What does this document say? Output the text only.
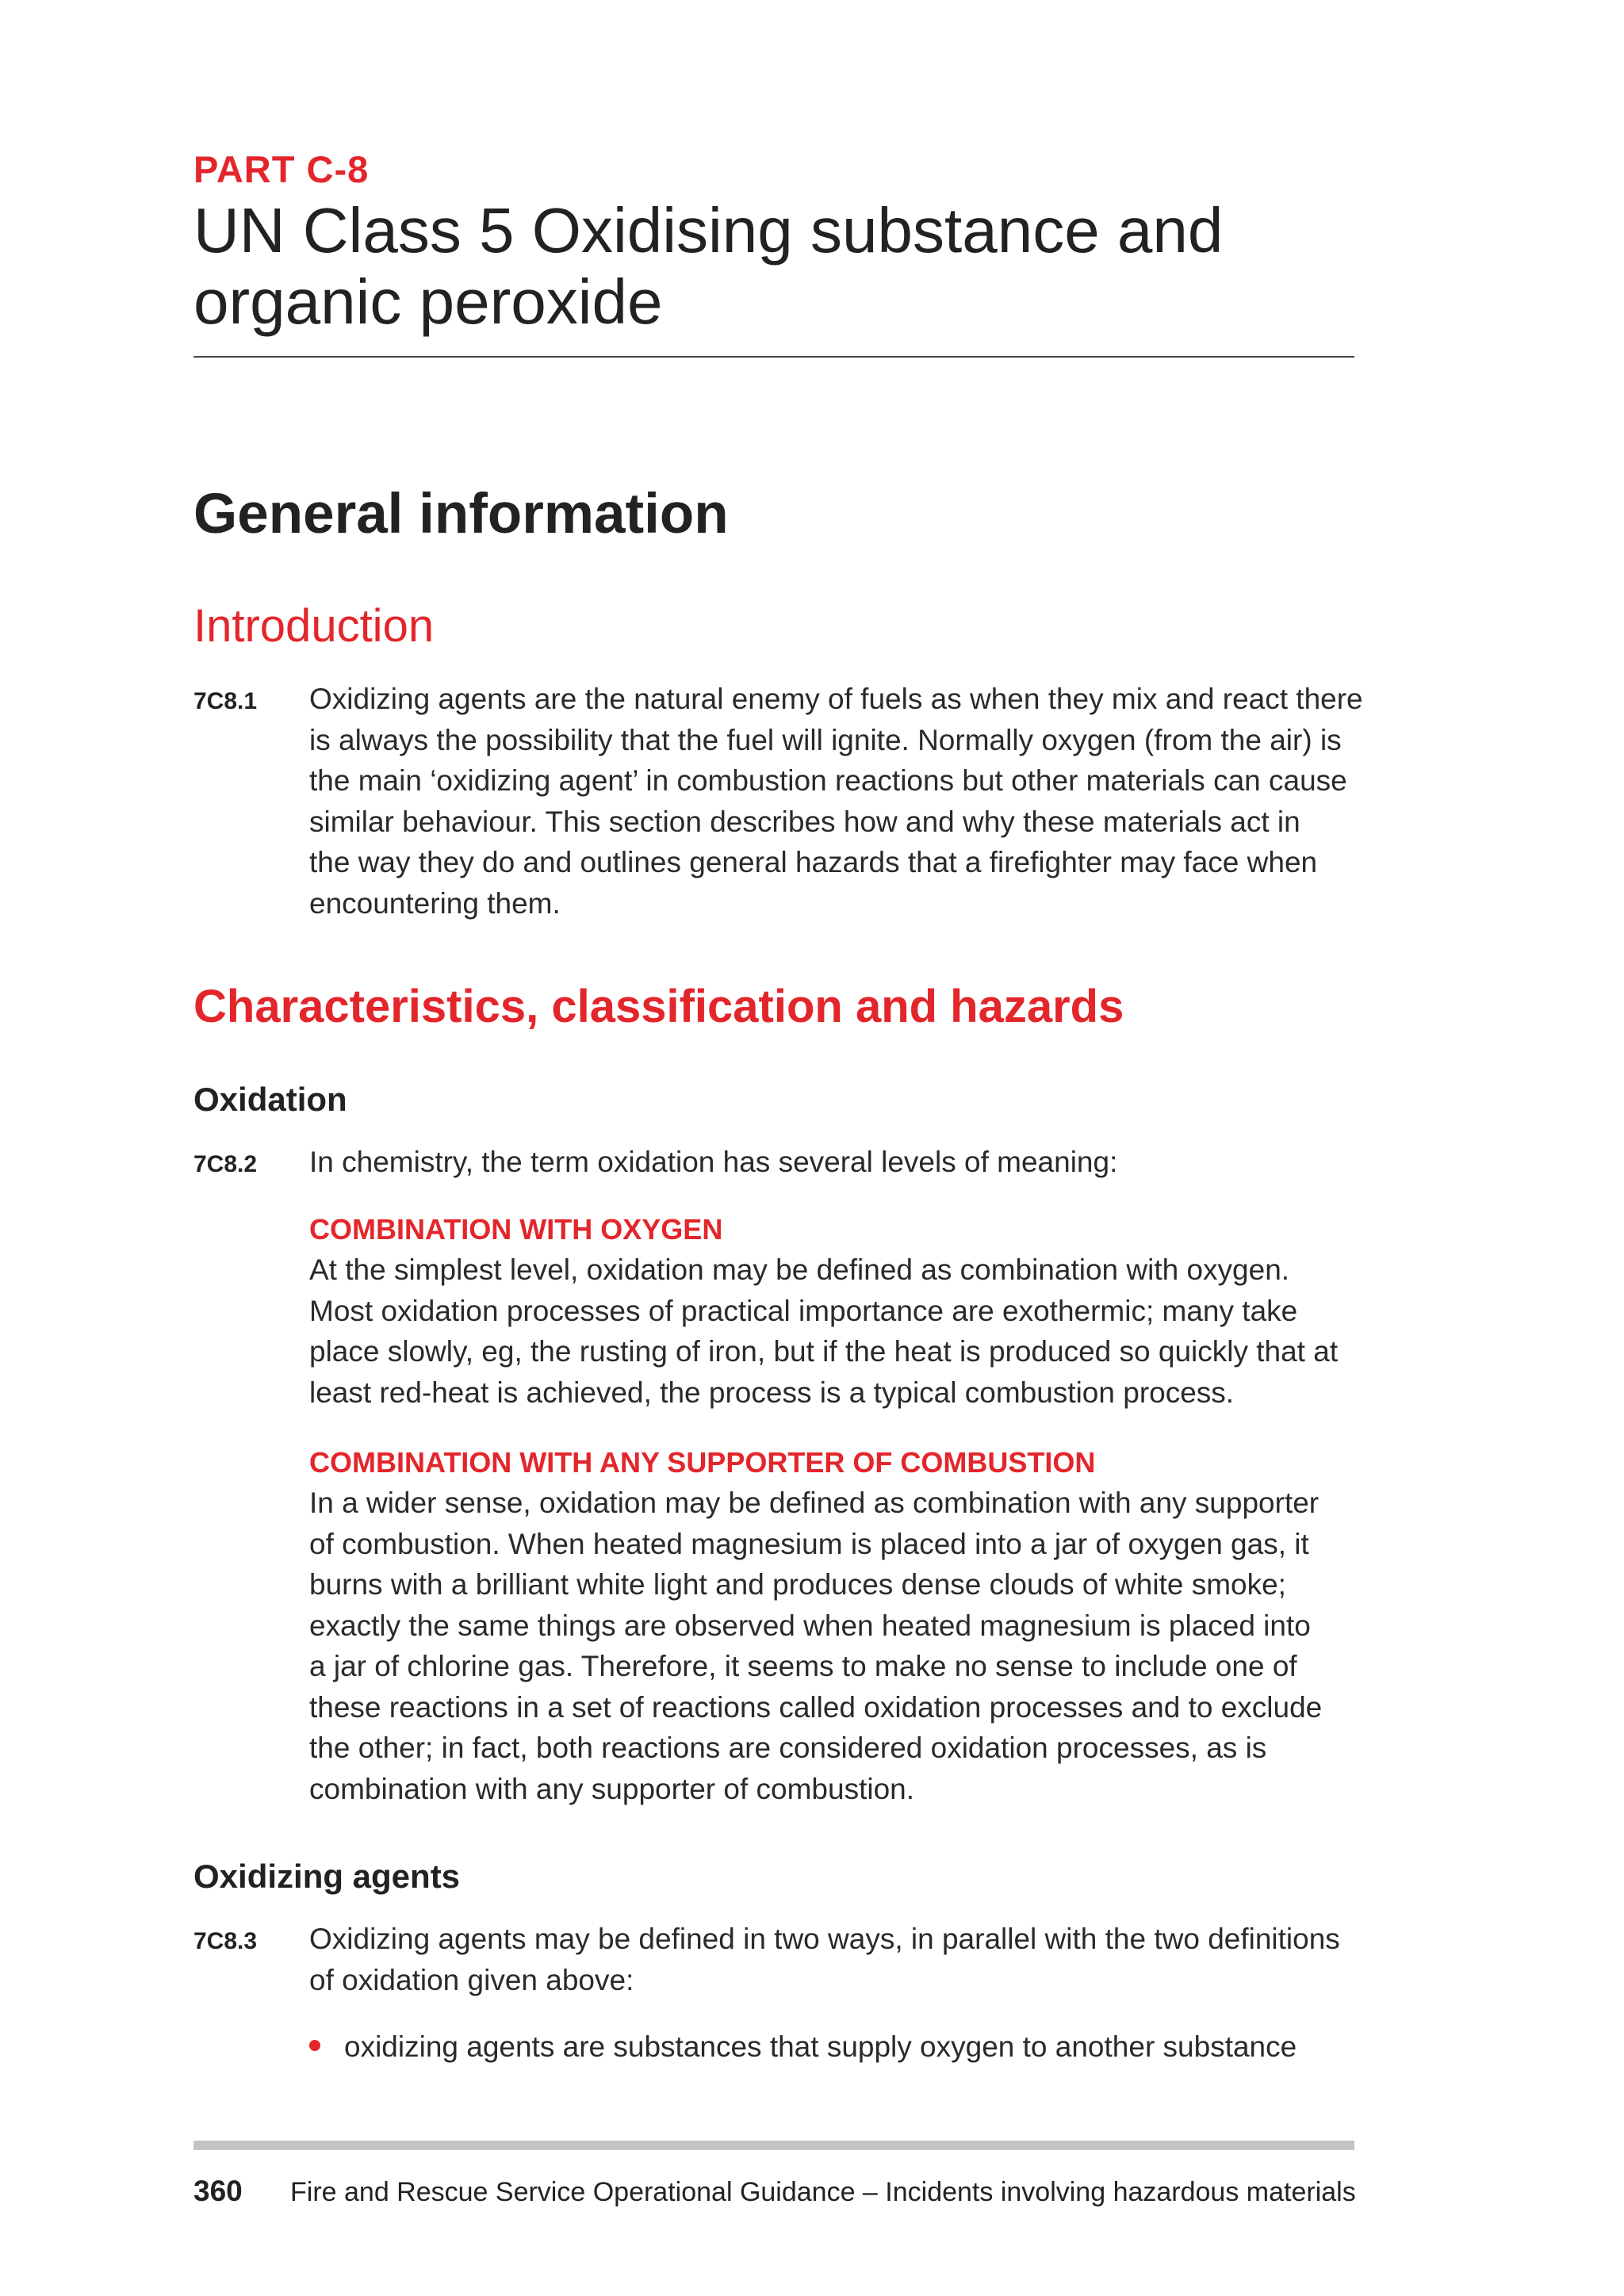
PART C-8
UN Class 5 Oxidising substance and
organic peroxide
General information
Introduction
7C8.1 Oxidizing agents are the natural enemy of fuels as when they mix and react there

is always the possibility that the fuel will ignite. Normally oxygen (from the air) is

the main ‘oxidizing agent’ in combustion reactions but other materials can cause

similar behaviour. This section describes how and why these materials act in

the way they do and outlines general hazards that a firefighter may face when

encountering them.

Characteristics, classification and hazards
Oxidation
7C8.2 In chemistry, the term oxidation has several levels of meaning:

COMBINATION WITH OXYGEN

At the simplest level, oxidation may be defined as combination with oxygen.

Most oxidation processes of practical importance are exothermic; many take

place slowly, eg, the rusting of iron, but if the heat is produced so quickly that at

least red-heat is achieved, the process is a typical combustion process.

COMBINATION WITH ANY SUPPORTER OF COMBUSTION

In a wider sense, oxidation may be defined as combination with any supporter

of combustion. When heated magnesium is placed into a jar of oxygen gas, it

burns with a brilliant white light and produces dense clouds of white smoke;

exactly the same things are observed when heated magnesium is placed into

a jar of chlorine gas. Therefore, it seems to make no sense to include one of

these reactions in a set of reactions called oxidation processes and to exclude

the other; in fact, both reactions are considered oxidation processes, as is

combination with any supporter of combustion.

Oxidizing agents
7C8.3 Oxidizing agents may be defined in two ways, in parallel with the two definitions

of oxidation given above:

oxidizing agents are substances that supply oxygen to another substance
360 Fire and Rescue Service Operational Guidance – Incidents involving hazardous materials
